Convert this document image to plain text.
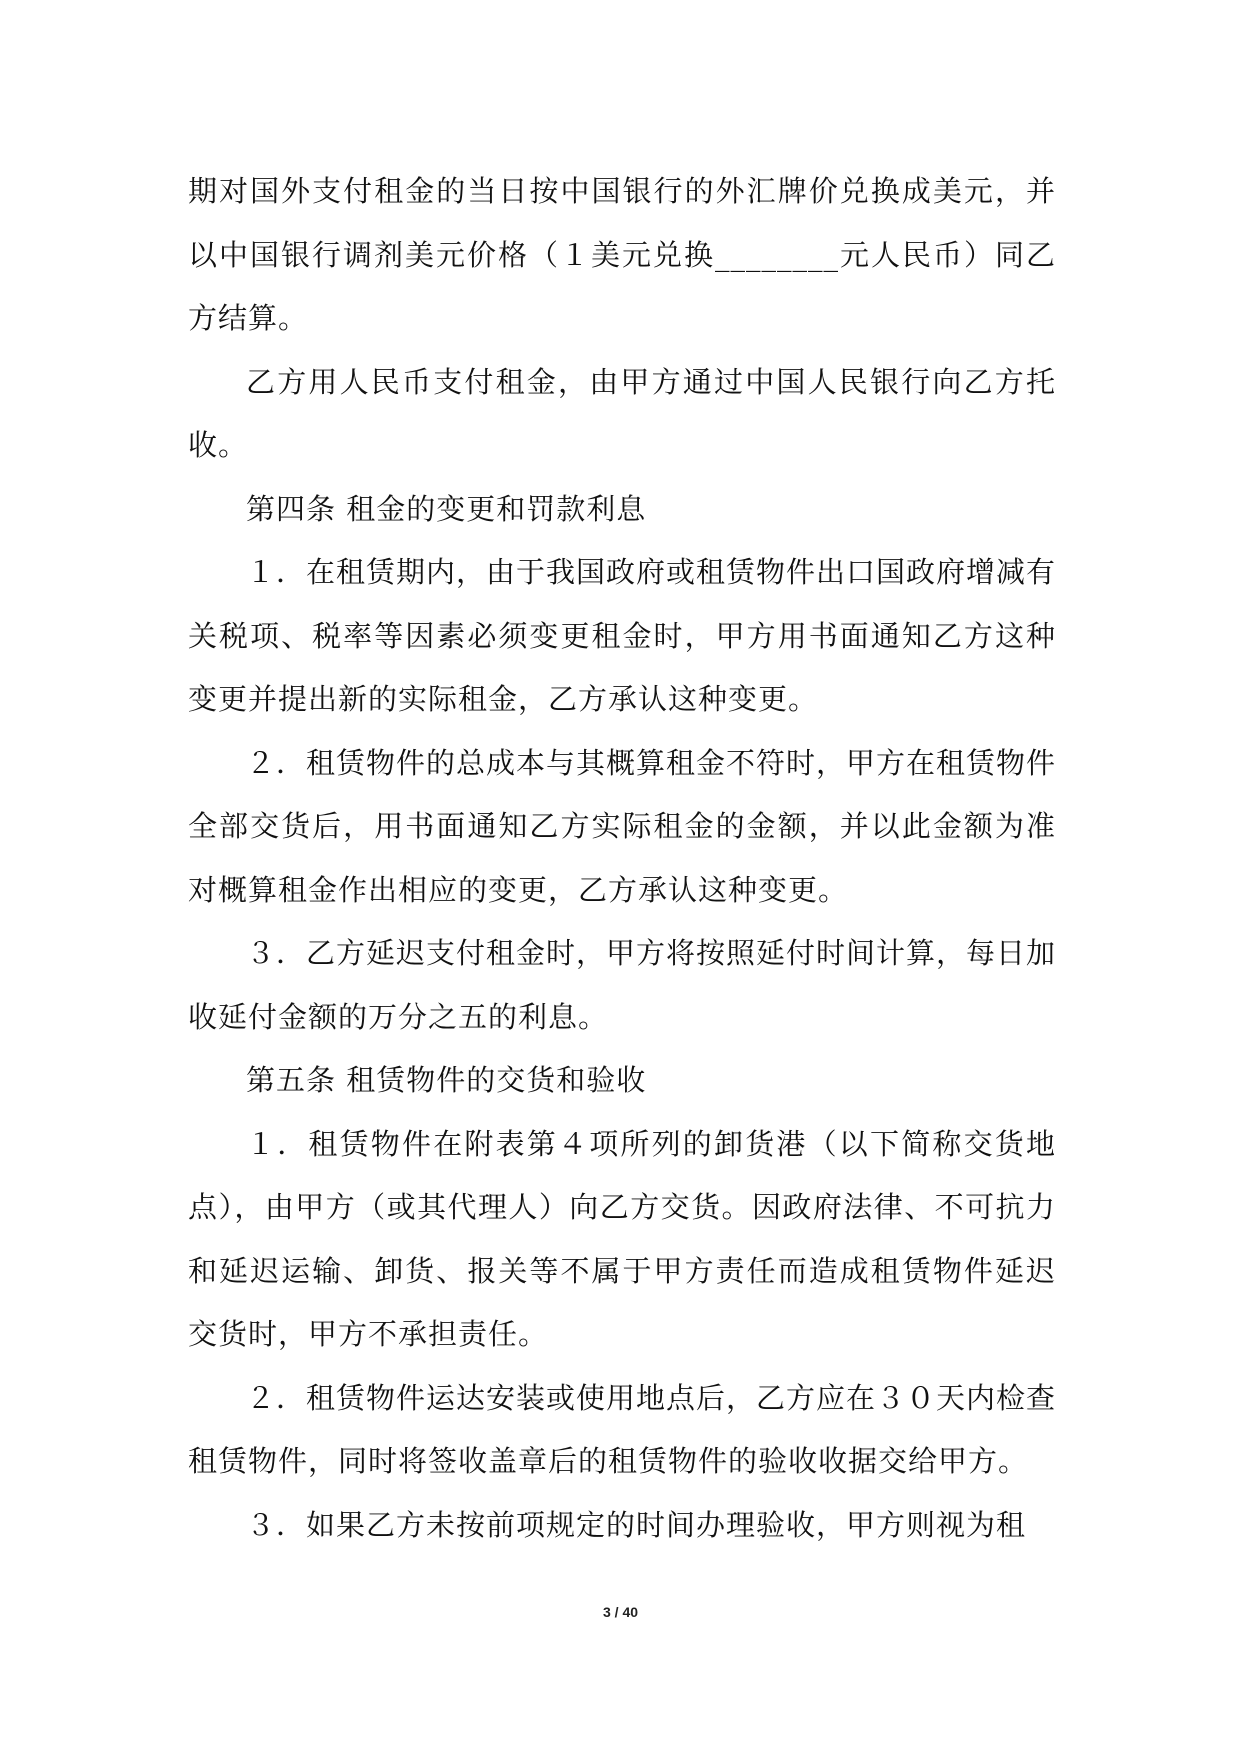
期对国外支付租金的当日按中国银行的外汇牌价兑换成美元，并以中国银行调剂美元价格（１美元兑换________元人民币）同乙方结算。

乙方用人民币支付租金，由甲方通过中国人民银行向乙方托收。

第四条 租金的变更和罚款利息

１．在租赁期内，由于我国政府或租赁物件出口国政府增减有关税项、税率等因素必须变更租金时，甲方用书面通知乙方这种变更并提出新的实际租金，乙方承认这种变更。

２．租赁物件的总成本与其概算租金不符时，甲方在租赁物件全部交货后，用书面通知乙方实际租金的金额，并以此金额为准对概算租金作出相应的变更，乙方承认这种变更。

３．乙方延迟支付租金时，甲方将按照延付时间计算，每日加收延付金额的万分之五的利息。

第五条 租赁物件的交货和验收

１．租赁物件在附表第４项所列的卸货港（以下简称交货地点），由甲方（或其代理人）向乙方交货。因政府法律、不可抗力和延迟运输、卸货、报关等不属于甲方责任而造成租赁物件延迟交货时，甲方不承担责任。

２．租赁物件运达安装或使用地点后，乙方应在３０天内检查租赁物件，同时将签收盖章后的租赁物件的验收收据交给甲方。

３．如果乙方未按前项规定的时间办理验收，甲方则视为租

3 / 40
